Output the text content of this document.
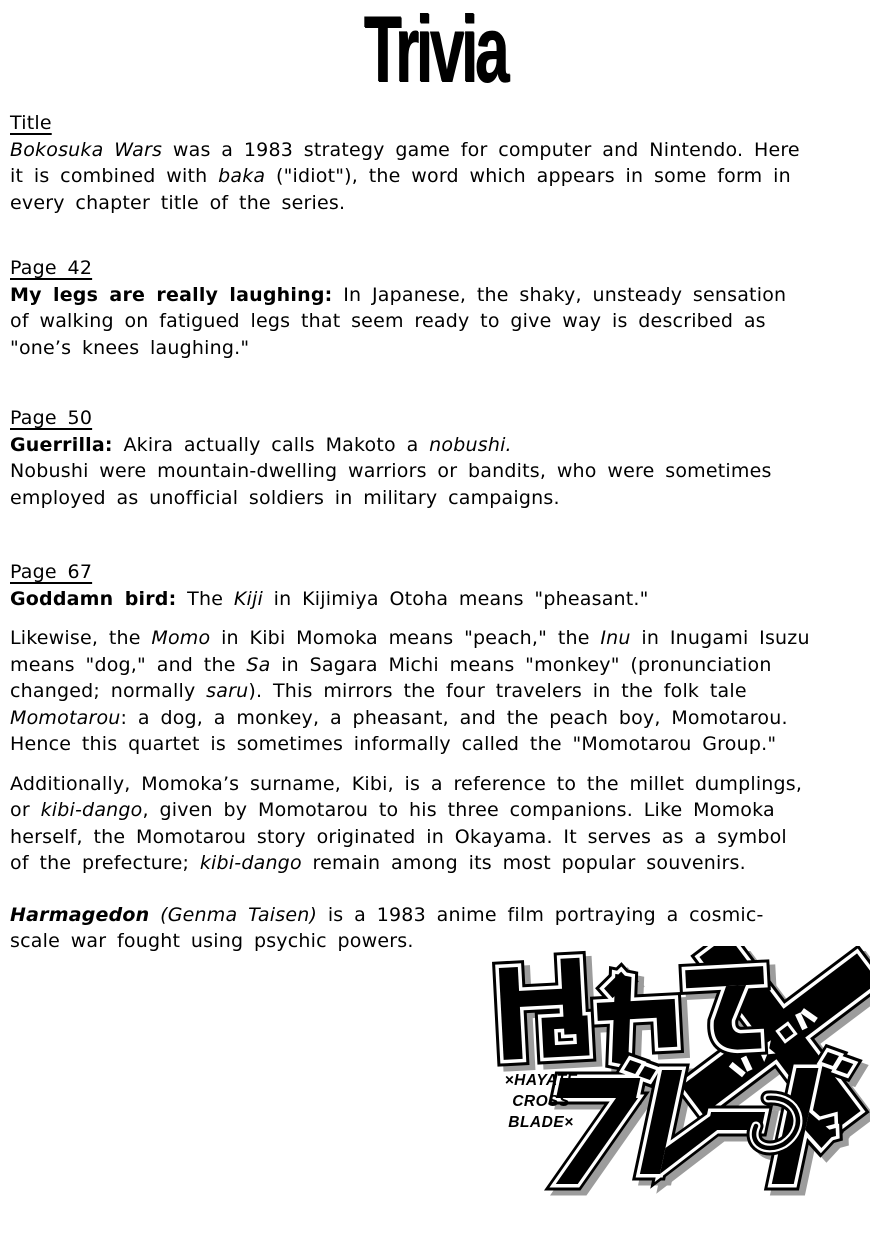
Trivia
Title

Bokosuka Wars was a 1983 strategy game for computer and Nintendo. Here it is combined with baka ("idiot"), the word which appears in some form in every chapter title of the series.

Page 42

My legs are really laughing: In Japanese, the shaky, unsteady sensation of walking on fatigued legs that seem ready to give way is described as "one’s knees laughing."

Page 50

Guerrilla: Akira actually calls Makoto a nobushi.

Nobushi were mountain-dwelling warriors or bandits, who were sometimes employed as unofficial soldiers in military campaigns.

Page 67

Goddamn bird: The Kiji in Kijimiya Otoha means "pheasant."

Likewise, the Momo in Kibi Momoka means "peach," the Inu in Inugami Isuzu means "dog," and the Sa in Sagara Michi means "monkey" (pronunciation changed; normally saru). This mirrors the four travelers in the folk tale Momotarou: a dog, a monkey, a pheasant, and the peach boy, Momotarou. Hence this quartet is sometimes informally called the "Momotarou Group."

Additionally, Momoka’s surname, Kibi, is a reference to the millet dumplings, or kibi-dango, given by Momotarou to his three companions. Like Momoka herself, the Momotarou story originated in Okayama. It serves as a symbol of the prefecture; kibi-dango remain among its most popular souvenirs.

Harmagedon (Genma Taisen) is a 1983 anime film portraying a cosmic-scale war fought using psychic powers.

×HAYATE
CROSS
BLADE×
